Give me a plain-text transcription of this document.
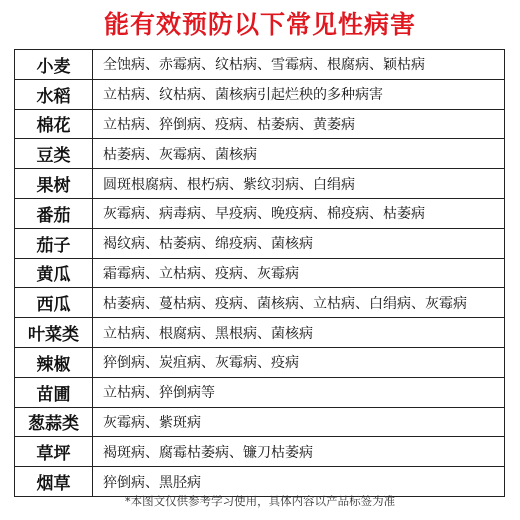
能有效预防以下常见性病害
小麦	全蚀病、赤霉病、纹枯病、雪霉病、根腐病、颖枯病
水稻	立枯病、纹枯病、菌核病引起烂秧的多种病害
棉花	立枯病、猝倒病、疫病、枯萎病、黄萎病
豆类	枯萎病、灰霉病、菌核病
果树	圆斑根腐病、根朽病、紫纹羽病、白绢病
番茄	灰霉病、病毒病、早疫病、晚疫病、棉疫病、枯萎病
茄子	褐纹病、枯萎病、绵疫病、菌核病
黄瓜	霜霉病、立枯病、疫病、灰霉病
西瓜	枯萎病、蔓枯病、疫病、菌核病、立枯病、白绢病、灰霉病
叶菜类	立枯病、根腐病、黑根病、菌核病
辣椒	猝倒病、炭疽病、灰霉病、疫病
苗圃	立枯病、猝倒病等
葱蒜类	灰霉病、紫斑病
草坪	褐斑病、腐霉枯萎病、镰刀枯萎病
烟草	猝倒病、黑胫病
*本图文仅供参考学习使用，具体内容以产品标签为准
